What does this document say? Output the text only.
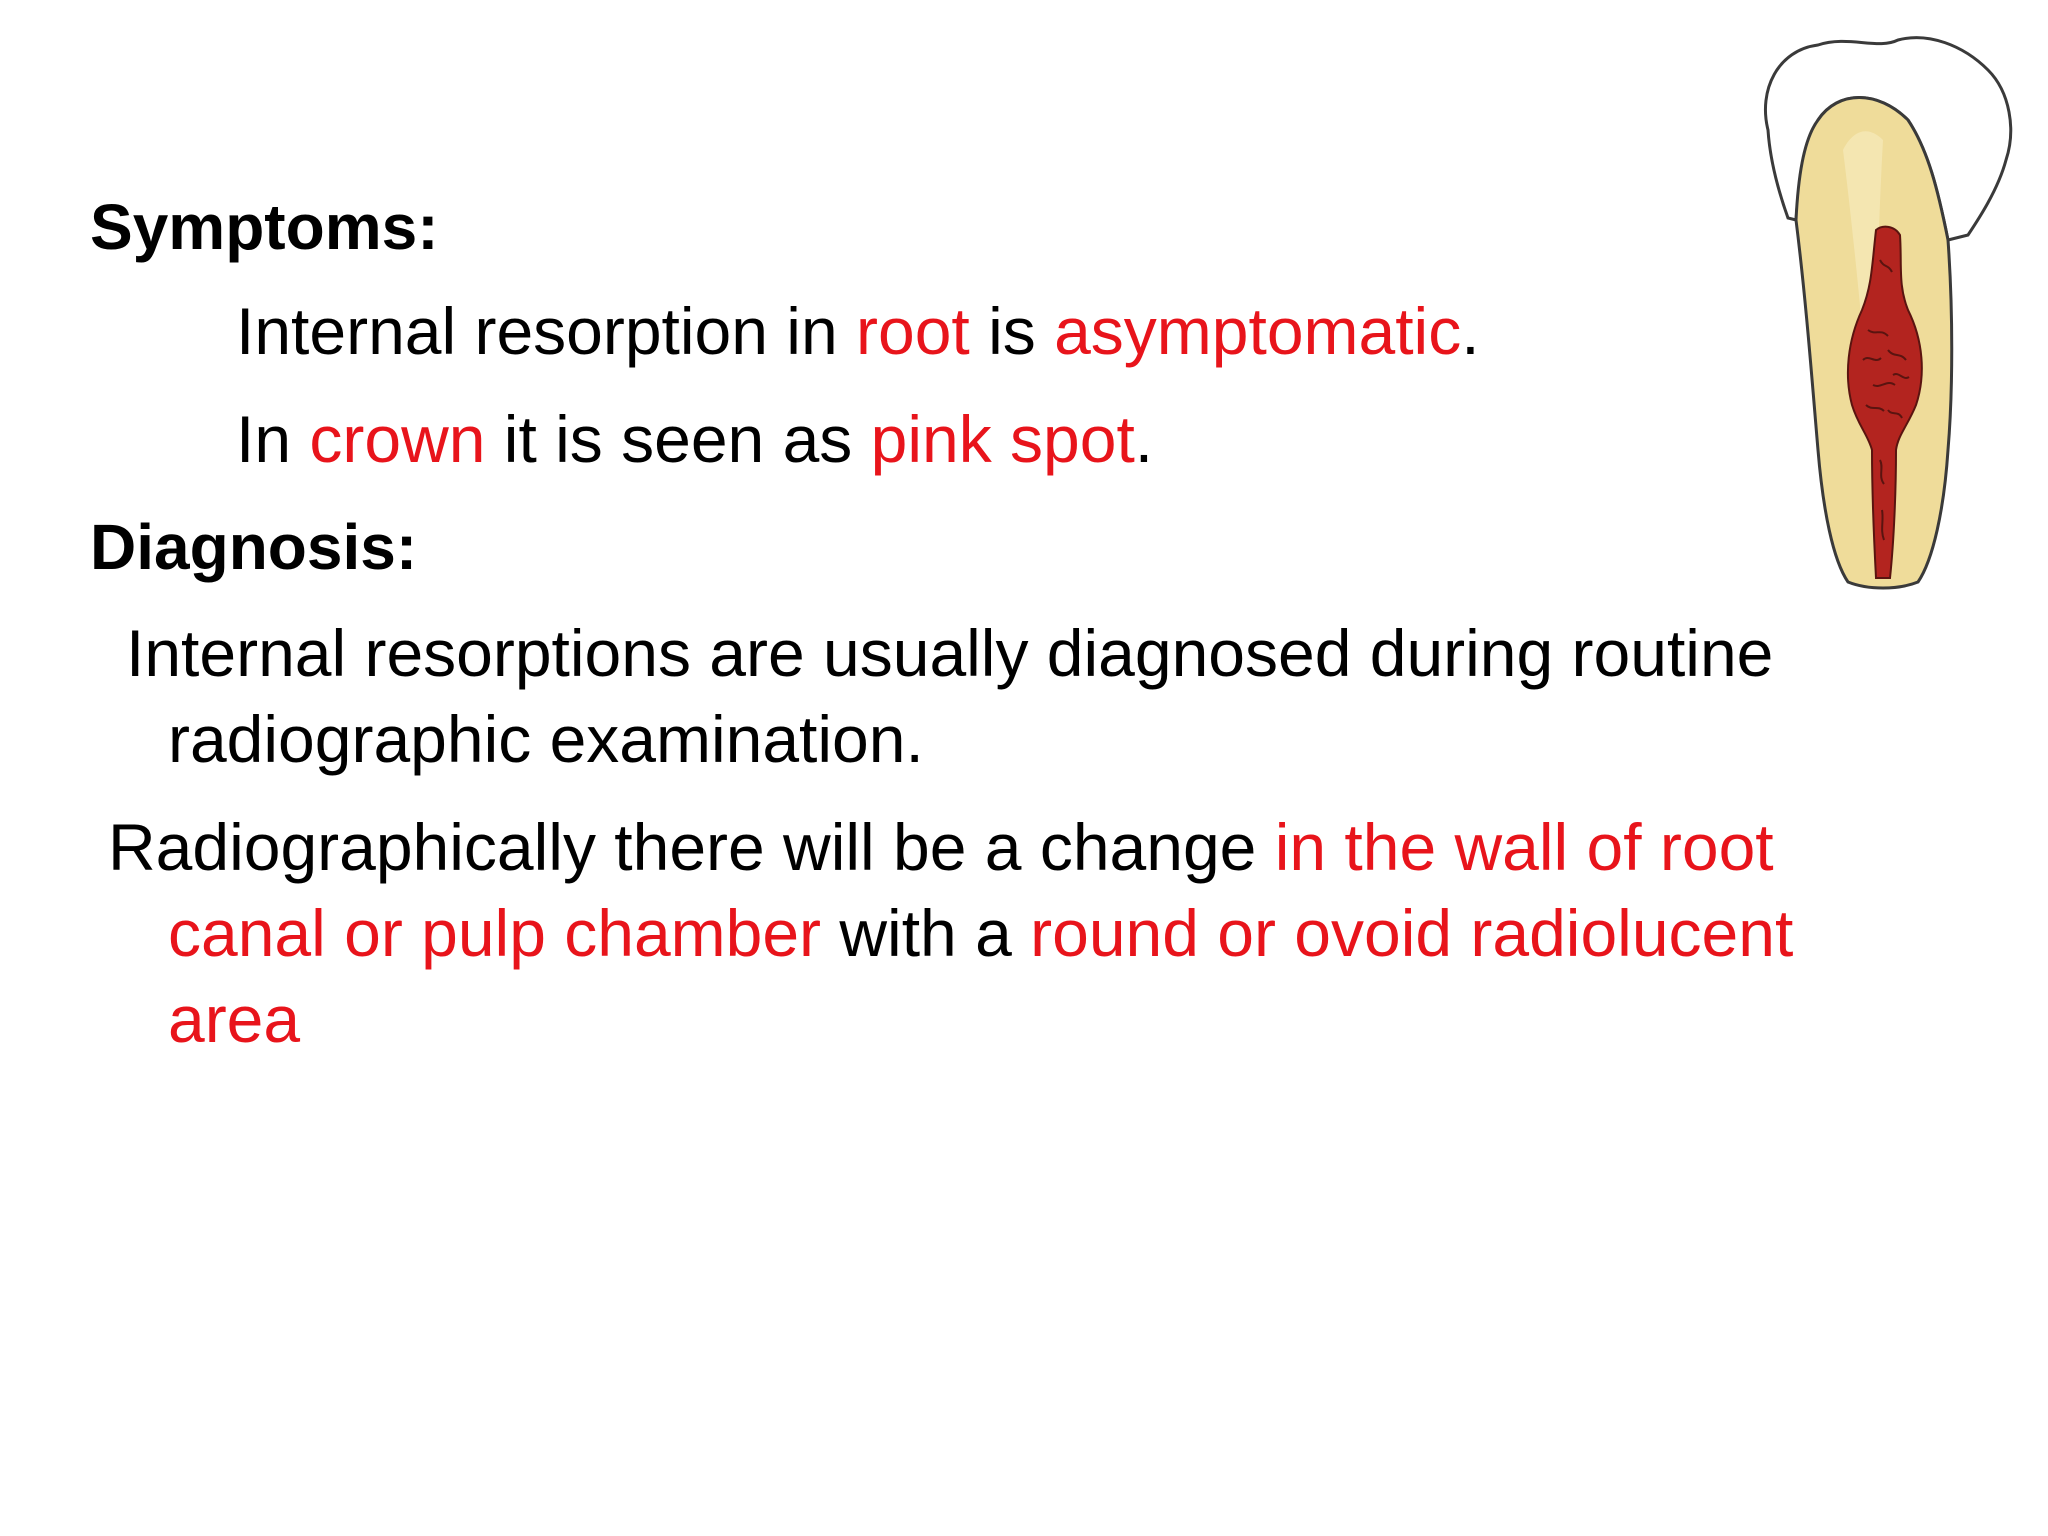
Symptoms:
Internal resorption in root is asymptomatic.
In crown it is seen as pink spot.
Diagnosis:
Internal resorptions are usually diagnosed during routine
radiographic examination.
Radiographically there will be a change in the wall of root
canal or pulp chamber with a round or ovoid radiolucent
area
